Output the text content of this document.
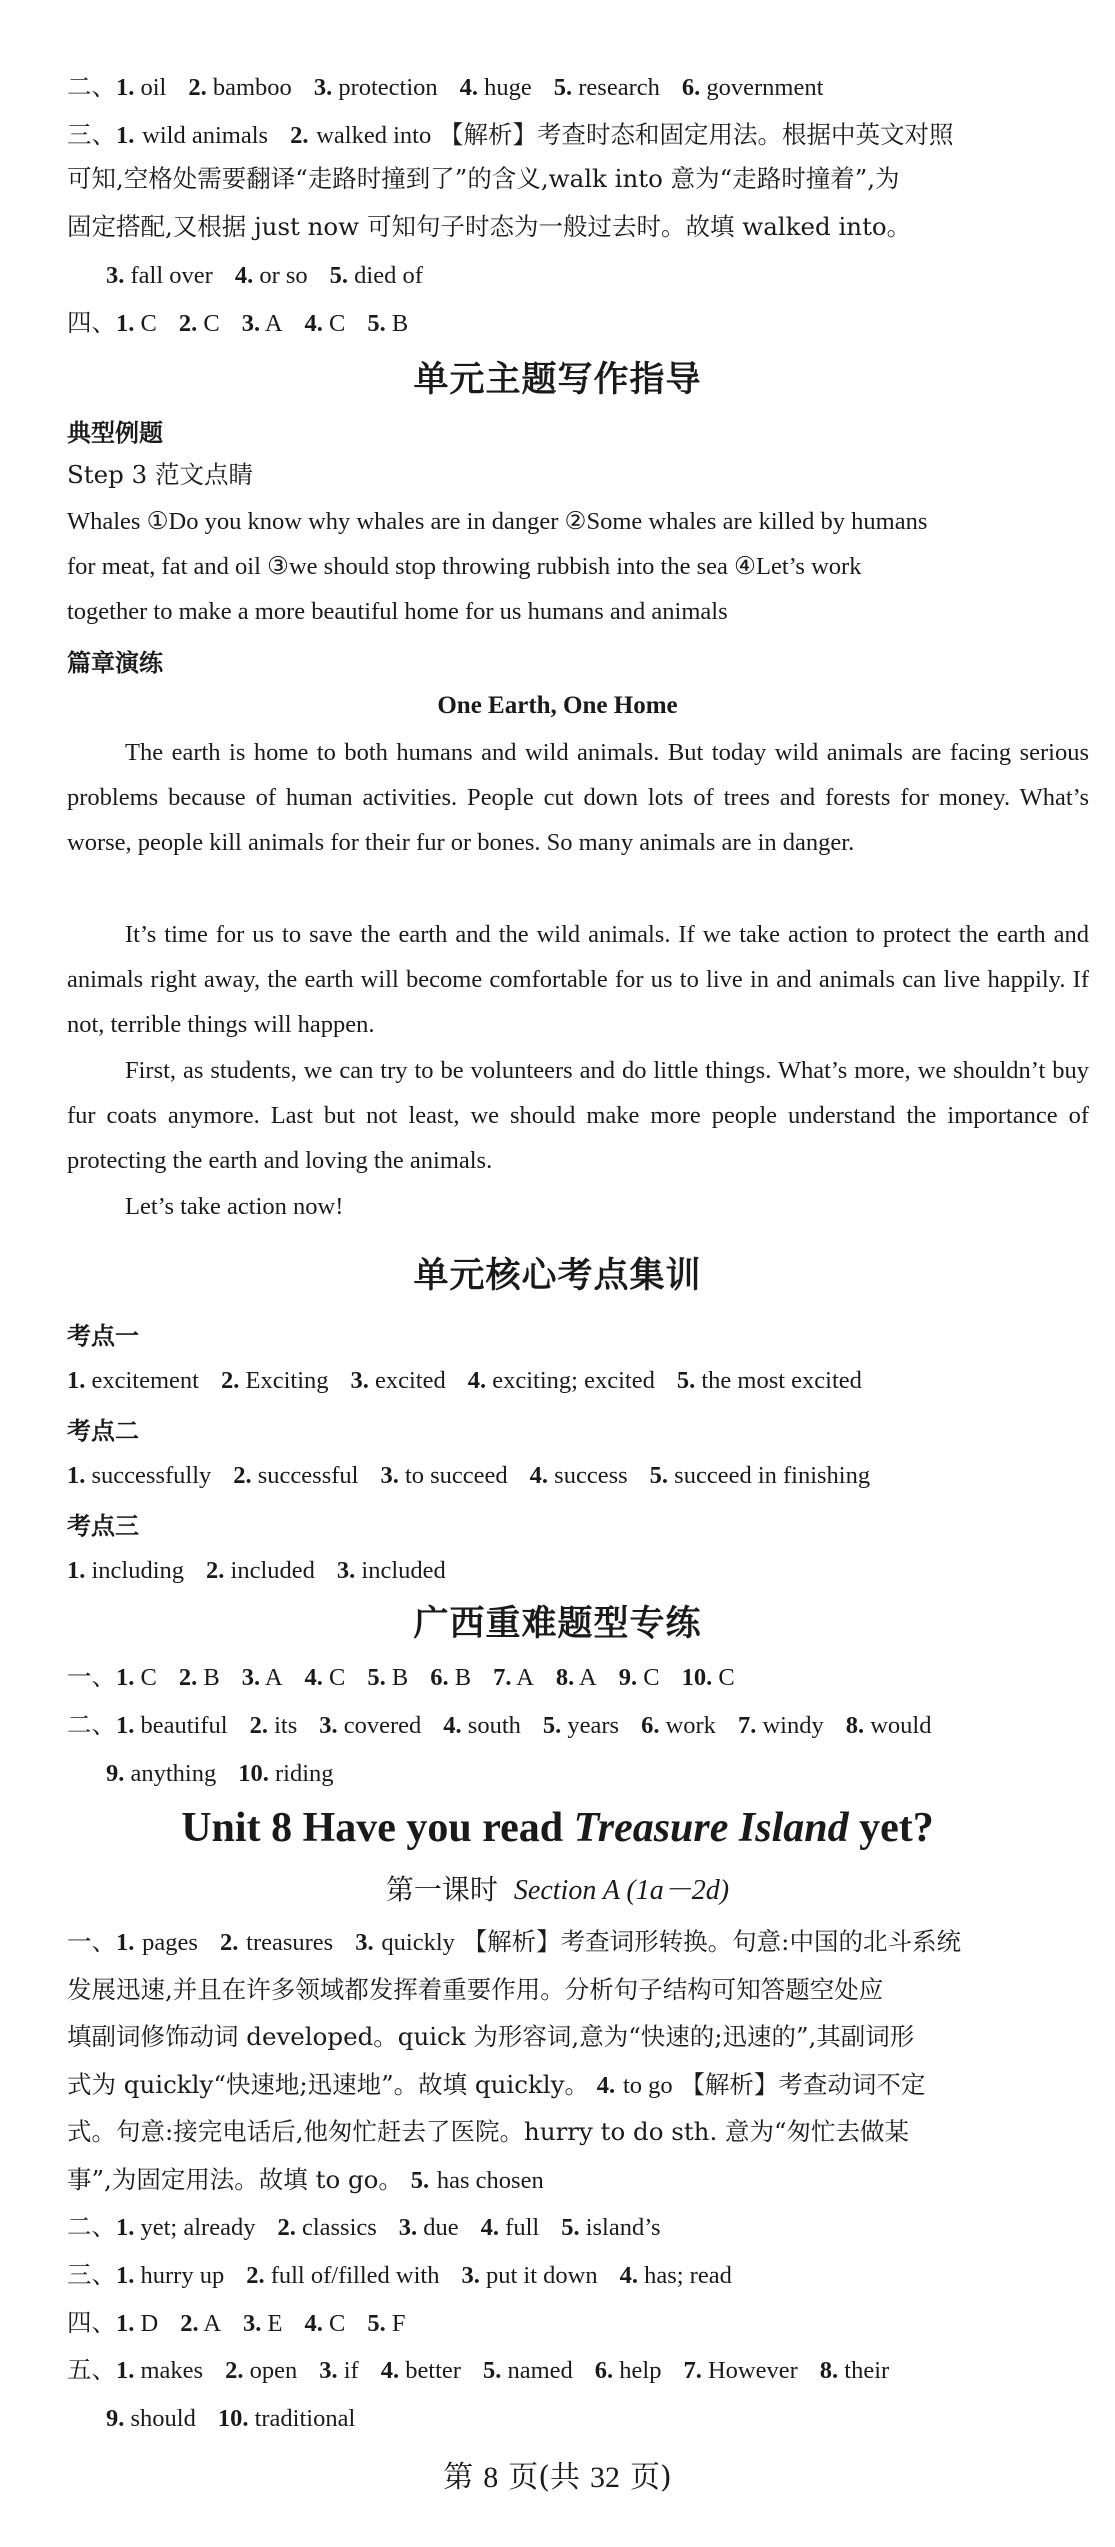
二、1. oil 2. bamboo 3. protection 4. huge 5. research 6. government
三、1. wild animals 2. walked into 【解析】考查时态和固定用法。根据中英文对照
可知,空格处需要翻译“走路时撞到了”的含义,walk into 意为“走路时撞着”,为
固定搭配,又根据 just now 可知句子时态为一般过去时。故填 walked into。
3. fall over 4. or so 5. died of
四、1. C 2. C 3. A 4. C 5. B
单元主题写作指导
典型例题
Step 3 范文点睛
Whales ①Do you know why whales are in danger ②Some whales are killed by humans
for meat, fat and oil ③we should stop throwing rubbish into the sea ④Let’s work
together to make a more beautiful home for us humans and animals
篇章演练
One Earth, One Home
The earth is home to both humans and wild animals. But today wild animals are facing serious problems because of human activities. People cut down lots of trees and forests for money. What’s worse, people kill animals for their fur or bones. So many animals are in danger.
It’s time for us to save the earth and the wild animals. If we take action to protect the earth and animals right away, the earth will become comfortable for us to live in and animals can live happily. If not, terrible things will happen.
First, as students, we can try to be volunteers and do little things. What’s more, we shouldn’t buy fur coats anymore. Last but not least, we should make more people understand the importance of protecting the earth and loving the animals.
Let’s take action now!
单元核心考点集训
考点一
1. excitement 2. Exciting 3. excited 4. exciting; excited 5. the most excited
考点二
1. successfully 2. successful 3. to succeed 4. success 5. succeed in finishing
考点三
1. including 2. included 3. included
广西重难题型专练
一、1. C 2. B 3. A 4. C 5. B 6. B 7. A 8. A 9. C 10. C
二、1. beautiful 2. its 3. covered 4. south 5. years 6. work 7. windy 8. would
9. anything 10. riding
Unit 8 Have you read Treasure Island yet?
第一课时 Section A (1a－2d)
一、1. pages 2. treasures 3. quickly 【解析】考查词形转换。句意:中国的北斗系统
发展迅速,并且在许多领域都发挥着重要作用。分析句子结构可知答题空处应
填副词修饰动词 developed。quick 为形容词,意为“快速的;迅速的”,其副词形
式为 quickly“快速地;迅速地”。故填 quickly。 4. to go 【解析】考查动词不定
式。句意:接完电话后,他匆忙赶去了医院。hurry to do sth. 意为“匆忙去做某
事”,为固定用法。故填 to go。 5. has chosen
二、1. yet; already 2. classics 3. due 4. full 5. island’s
三、1. hurry up 2. full of/filled with 3. put it down 4. has; read
四、1. D 2. A 3. E 4. C 5. F
五、1. makes 2. open 3. if 4. better 5. named 6. help 7. However 8. their
9. should 10. traditional
第 8 页(共 32 页)
